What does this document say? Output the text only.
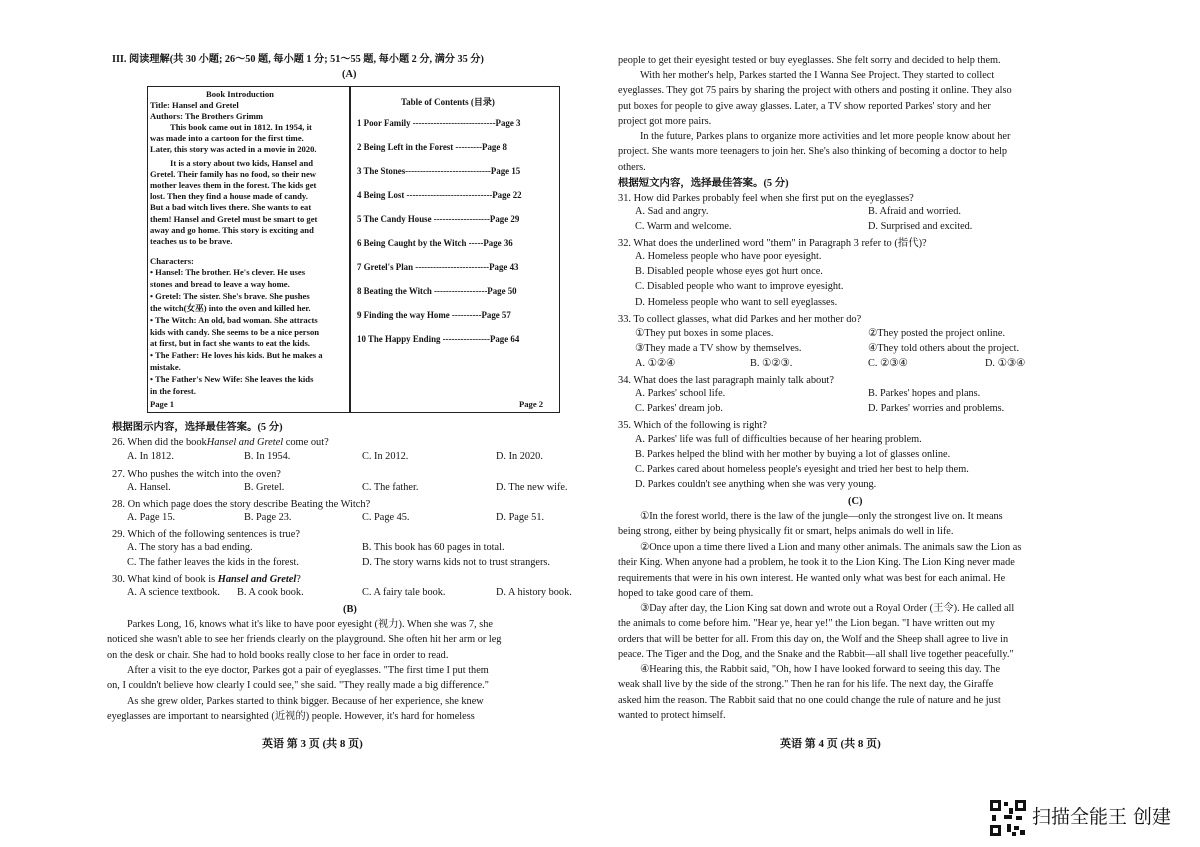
III. 阅读理解(共 30 小题; 26～50 题, 每小题 1 分; 51～55 题, 每小题 2 分, 满分 35 分)
(A)
Book Introduction
Title: Hansel and Gretel
Authors: The Brothers Grimm
Characters:
Page 1
This book came out in 1812. In 1954, it
was made into a cartoon for the first time.
Later, this story was acted in a movie in 2020.
It is a story about two kids, Hansel and
Gretel. Their family has no food, so their new
mother leaves them in the forest. The kids get
lost. Then they find a house made of candy.
But a bad witch lives there. She wants to eat
them! Hansel and Gretel must be smart to get
away and go home. This story is exciting and
teaches us to be brave.
• Hansel: The brother. He's clever. He uses
stones and bread to leave a way home.
• Gretel: The sister. She's brave. She pushes
the witch(女巫) into the oven and killed her.
• The Witch: An old, bad woman. She attracts
kids with candy. She seems to be a nice person
at first, but in fact she wants to eat the kids.
• The Father: He loves his kids. But he makes a
mistake.
• The Father's New Wife: She leaves the kids
in the forest.
Table of Contents (目录)
Page 2
1 Poor Family ----------------------------Page 3
2 Being Left in the Forest ---------Page 8
3 The Stones-----------------------------Page 15
4 Being Lost -----------------------------Page 22
5 The Candy House -------------------Page 29
6 Being Caught by the Witch -----Page 36
7 Gretel's Plan -------------------------Page 43
8 Beating the Witch ------------------Page 50
9 Finding the way Home ----------Page 57
10 The Happy Ending ----------------Page 64
根据图示内容，选择最佳答案。(5 分)
26. When did the bookHansel and Gretel come out?
27. Who pushes the witch into the oven?
28. On which page does the story describe Beating the Witch?
29. Which of the following sentences is true?
30. What kind of book is Hansel and Gretel?
(B)
英语 第 3 页 (共 8 页)
A. In 1812.	B. In 1954.	C. In 2012.	D. In 2020.
A. Hansel.	B. Gretel.	C. The father.	D. The new wife.
A. Page 15.	B. Page 23.	C. Page 45.	D. Page 51.
A. The story has a bad ending.	B. This book has 60 pages in total.
C. The father leaves the kids in the forest.	D. The story warns kids not to trust strangers.
A. A science textbook. B. A cook book.	C. A fairy tale book.	D. A history book.
Parkes Long, 16, knows what it's like to have poor eyesight (视力). When she was 7, she
noticed she wasn't able to see her friends clearly on the playground. She often hit her arm or leg
on the desk or chair. She had to hold books really close to her face in order to read.
After a visit to the eye doctor, Parkes got a pair of eyeglasses. "The first time I put them
on, I couldn't believe how clearly I could see," she said. "They really made a big difference."
As she grew older, Parkes started to think bigger. Because of her experience, she knew
eyeglasses are important to nearsighted (近视的) people. However, it's hard for homeless
根据短文内容，选择最佳答案。(5 分)
31. How did Parkes probably feel when she first put on the eyeglasses?
32. What does the underlined word "them" in Paragraph 3 refer to (指代)?
33. To collect glasses, what did Parkes and her mother do?
34. What does the last paragraph mainly talk about?
35. Which of the following is right?
(C)
英语 第 4 页 (共 8 页)
people to get their eyesight tested or buy eyeglasses. She felt sorry and decided to help them.
With her mother's help, Parkes started the I Wanna See Project. They started to collect
eyeglasses. They got 75 pairs by sharing the project with others and posting it online. They also
put boxes for people to give away glasses. Later, a TV show reported Parkes' story and her
project got more pairs.
In the future, Parkes plans to organize more activities and let more people know about her
project. She wants more teenagers to join her. She's also thinking of becoming a doctor to help
others.
A. Sad and angry.	B. Afraid and worried.
C. Warm and welcome.	D. Surprised and excited.
A. Homeless people who have poor eyesight.
B. Disabled people whose eyes got hurt once.
C. Disabled people who want to improve eyesight.
D. Homeless people who want to sell eyeglasses.
①They put boxes in some places.	②They posted the project online.
③They made a TV show by themselves.	④They told others about the project.
A. ①②④	B. ①②③.	C. ②③④	D. ①③④
A. Parkes' school life.	B. Parkes' hopes and plans.
C. Parkes' dream job.	D. Parkes' worries and problems.
A. Parkes' life was full of difficulties because of her hearing problem.
B. Parkes helped the blind with her mother by buying a lot of glasses online.
C. Parkes cared about homeless people's eyesight and tried her best to help them.
D. Parkes couldn't see anything when she was very young.
①In the forest world, there is the law of the jungle—only the strongest live on. It means
being strong, either by being physically fit or smart, helps animals do well in life.
②Once upon a time there lived a Lion and many other animals. The animals saw the Lion as
their King. When anyone had a problem, he took it to the Lion King. The Lion King never made
requirements that were in his own interest. He wanted only what was best for each animal. He
hoped to take good care of them.
③Day after day, the Lion King sat down and wrote out a Royal Order (王令). He called all
the animals to come before him. "Hear ye, hear ye!" the Lion began. "I have written out my
orders that will be better for all. From this day on, the Wolf and the Sheep shall agree to live in
peace. The Tiger and the Dog, and the Snake and the Rabbit—all shall live together peacefully."
④Hearing this, the Rabbit said, "Oh, how I have looked forward to seeing this day. The
weak shall live by the side of the strong." Then he ran for his life. The next day, the Giraffe
asked him the reason. The Rabbit said that no one could change the rule of nature and he just
wanted to protect himself.
扫描全能王 创建
